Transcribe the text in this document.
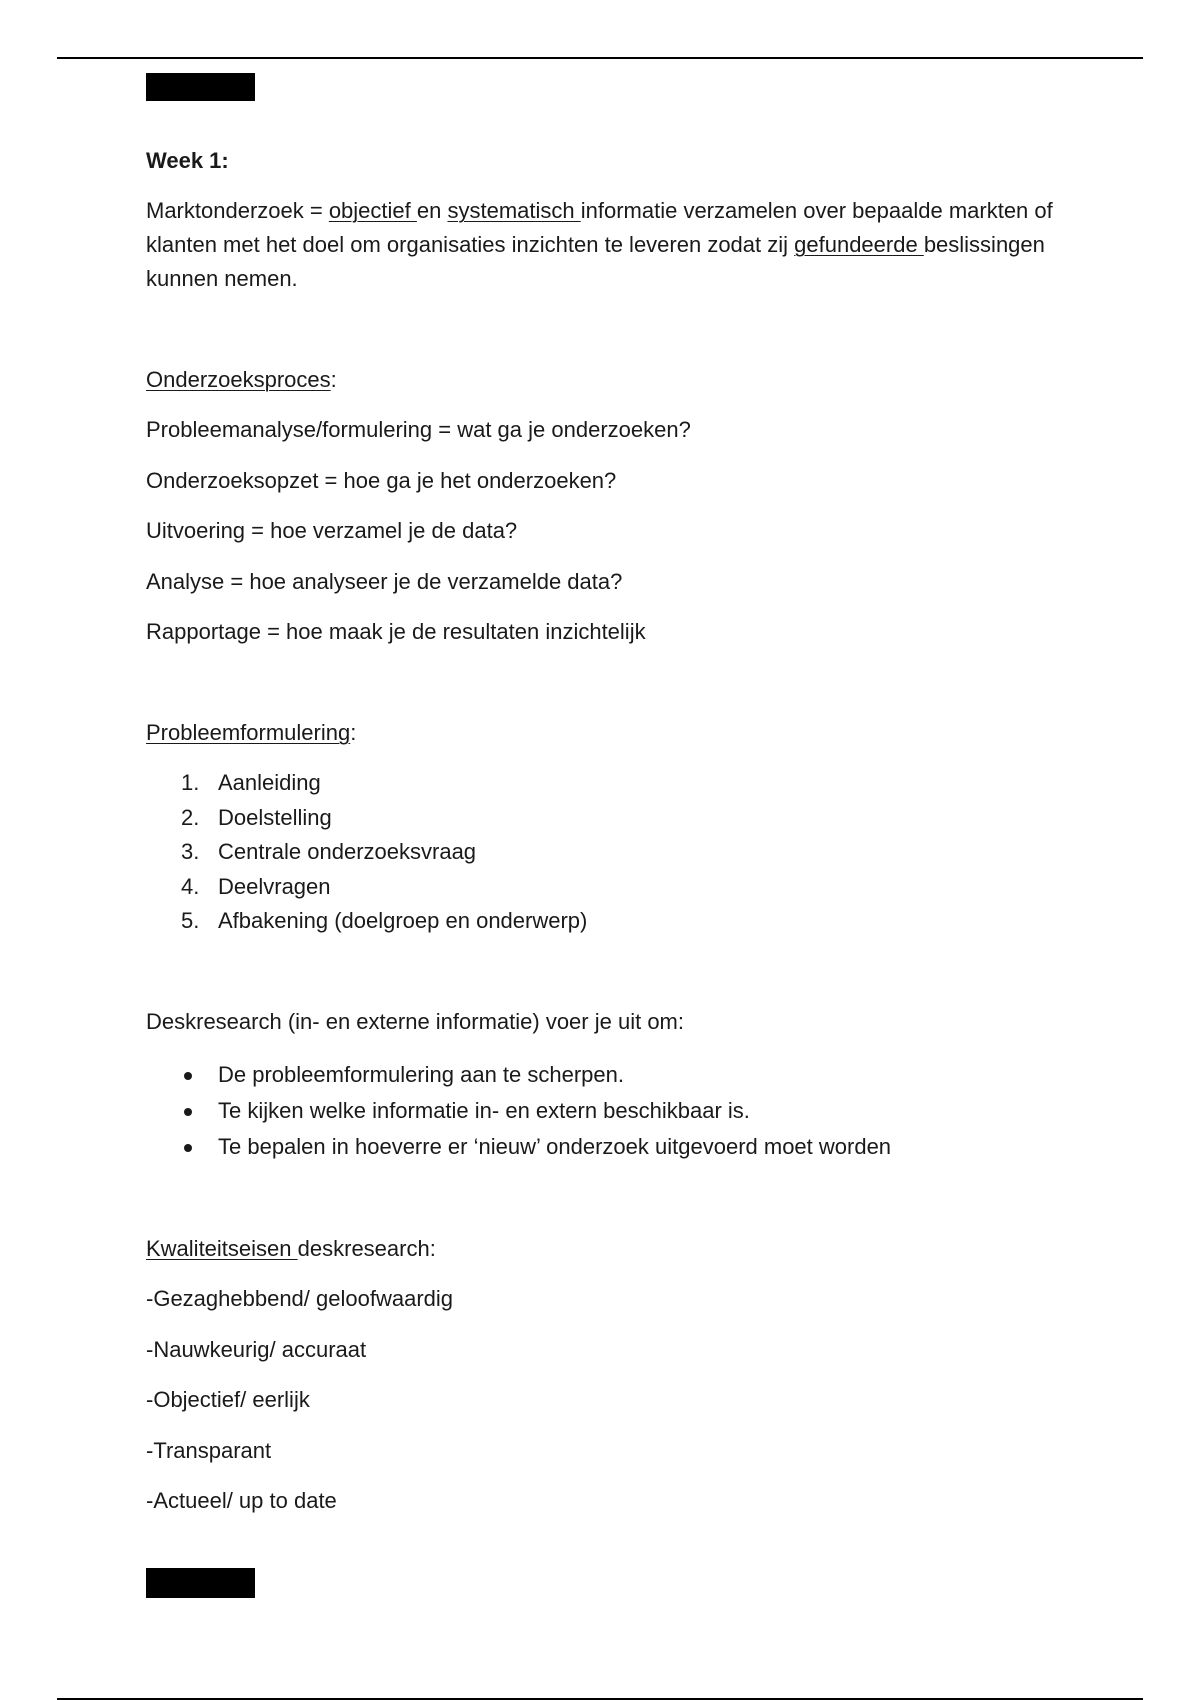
Week 1:
Marktonderzoek = objectief en systematisch informatie verzamelen over bepaalde markten of klanten met het doel om organisaties inzichten te leveren zodat zij gefundeerde beslissingen kunnen nemen.
Onderzoeksproces:
Probleemanalyse/formulering = wat ga je onderzoeken?
Onderzoeksopzet = hoe ga je het onderzoeken?
Uitvoering = hoe verzamel je de data?
Analyse = hoe analyseer je de verzamelde data?
Rapportage = hoe maak je de resultaten inzichtelijk
Probleemformulering:
1. Aanleiding
2. Doelstelling
3. Centrale onderzoeksvraag
4. Deelvragen
5. Afbakening (doelgroep en onderwerp)
Deskresearch (in- en externe informatie) voer je uit om:
De probleemformulering aan te scherpen.
Te kijken welke informatie in- en extern beschikbaar is.
Te bepalen in hoeverre er ‘nieuw’ onderzoek uitgevoerd moet worden
Kwaliteitseisen deskresearch:
-Gezaghebbend/ geloofwaardig
-Nauwkeurig/ accuraat
-Objectief/ eerlijk
-Transparant
-Actueel/ up to date
